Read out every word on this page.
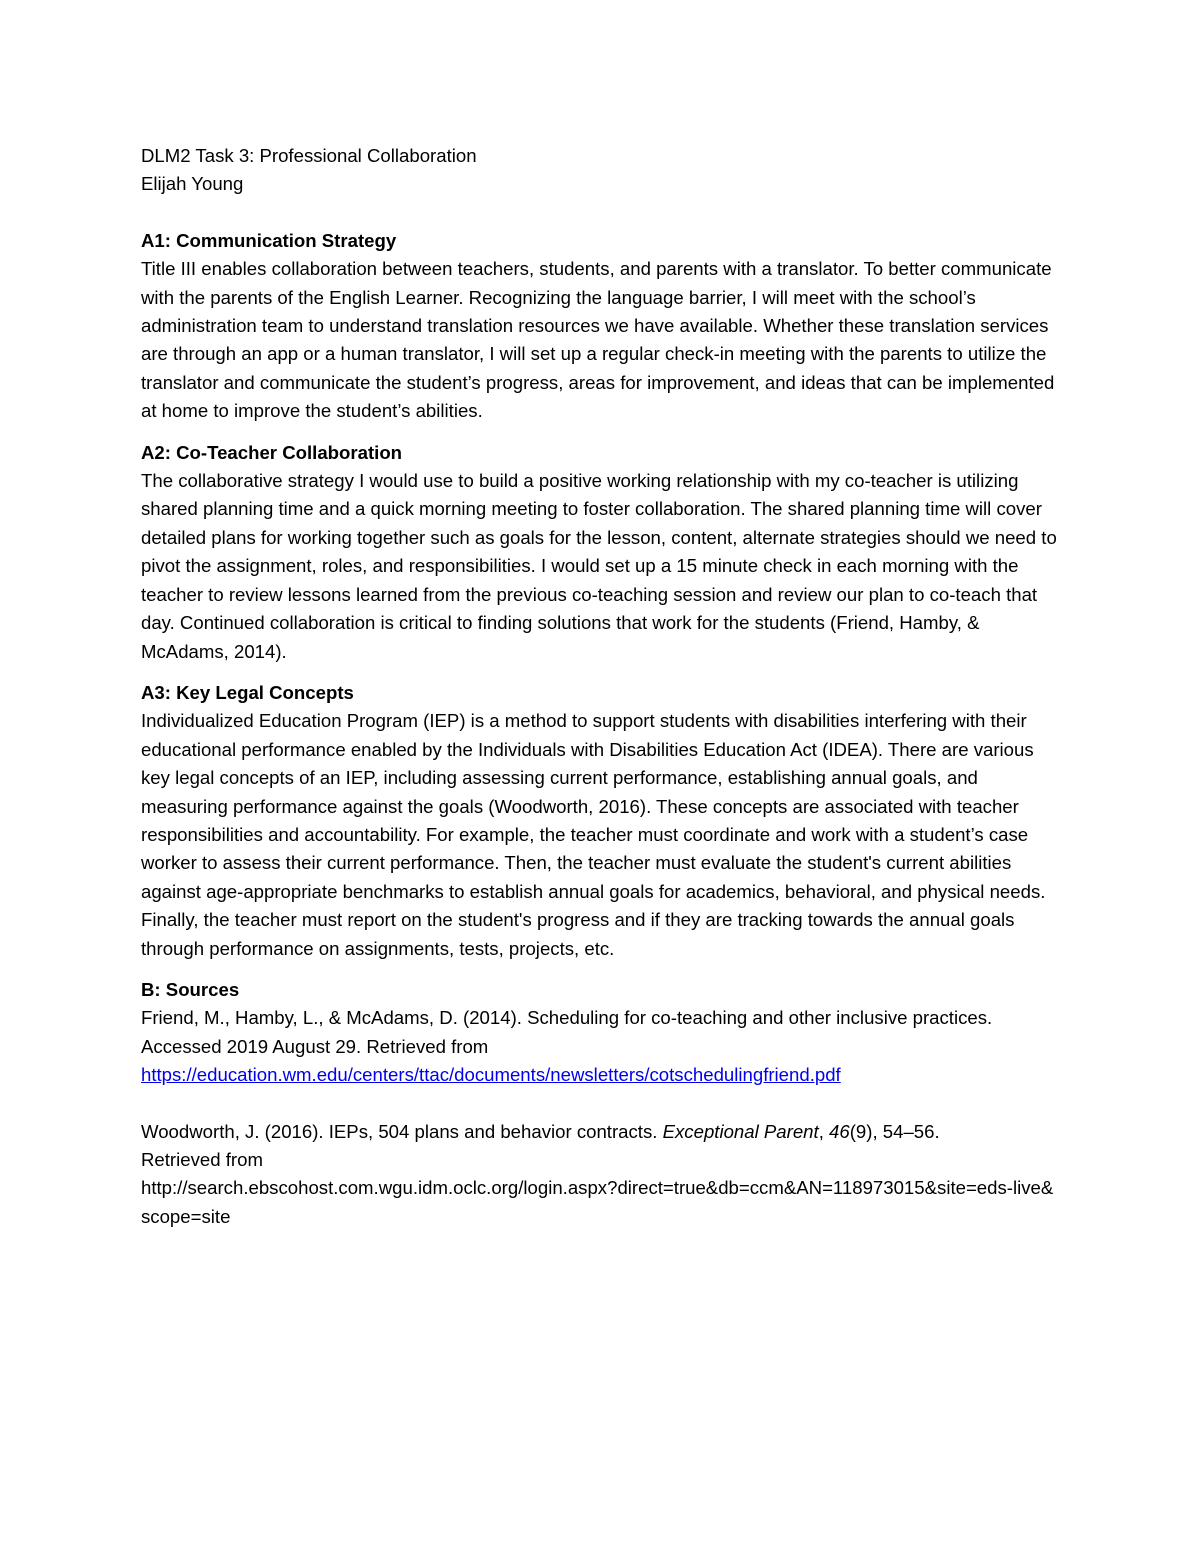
DLM2 Task 3: Professional Collaboration
Elijah Young
A1: Communication Strategy

Title III enables collaboration between teachers, students, and parents with a translator. To better communicate with the parents of the English Learner. Recognizing the language barrier, I will meet with the school’s administration team to understand translation resources we have available. Whether these translation services are through an app or a human translator, I will set up a regular check-in meeting with the parents to utilize the translator and communicate the student’s progress, areas for improvement, and ideas that can be implemented at home to improve the student’s abilities.

A2: Co-Teacher Collaboration

The collaborative strategy I would use to build a positive working relationship with my co-teacher is utilizing shared planning time and a quick morning meeting to foster collaboration. The shared planning time will cover detailed plans for working together such as goals for the lesson, content, alternate strategies should we need to pivot the assignment, roles, and responsibilities. I would set up a 15 minute check in each morning with the teacher to review lessons learned from the previous co-teaching session and review our plan to co-teach that day. Continued collaboration is critical to finding solutions that work for the students (Friend, Hamby, & McAdams, 2014).

A3: Key Legal Concepts

Individualized Education Program (IEP) is a method to support students with disabilities interfering with their educational performance enabled by the Individuals with Disabilities Education Act (IDEA). There are various key legal concepts of an IEP, including assessing current performance, establishing annual goals, and measuring performance against the goals (Woodworth, 2016). These concepts are associated with teacher responsibilities and accountability. For example, the teacher must coordinate and work with a student’s case worker to assess their current performance. Then, the teacher must evaluate the student's current abilities against age-appropriate benchmarks to establish annual goals for academics, behavioral, and physical needs. Finally, the teacher must report on the student's progress and if they are tracking towards the annual goals through performance on assignments, tests, projects, etc.

B: Sources

Friend, M., Hamby, L., & McAdams, D. (2014). Scheduling for co-teaching and other inclusive practices. Accessed 2019 August 29. Retrieved from

https://education.wm.edu/centers/ttac/documents/newsletters/cotschedulingfriend.pdf

Woodworth, J. (2016). IEPs, 504 plans and behavior contracts. Exceptional Parent, 46(9), 54–56.

Retrieved from
http://search.ebscohost.com.wgu.idm.oclc.org/login.aspx?direct=true&db=ccm&AN=118973015&site=eds-live&scope=site
